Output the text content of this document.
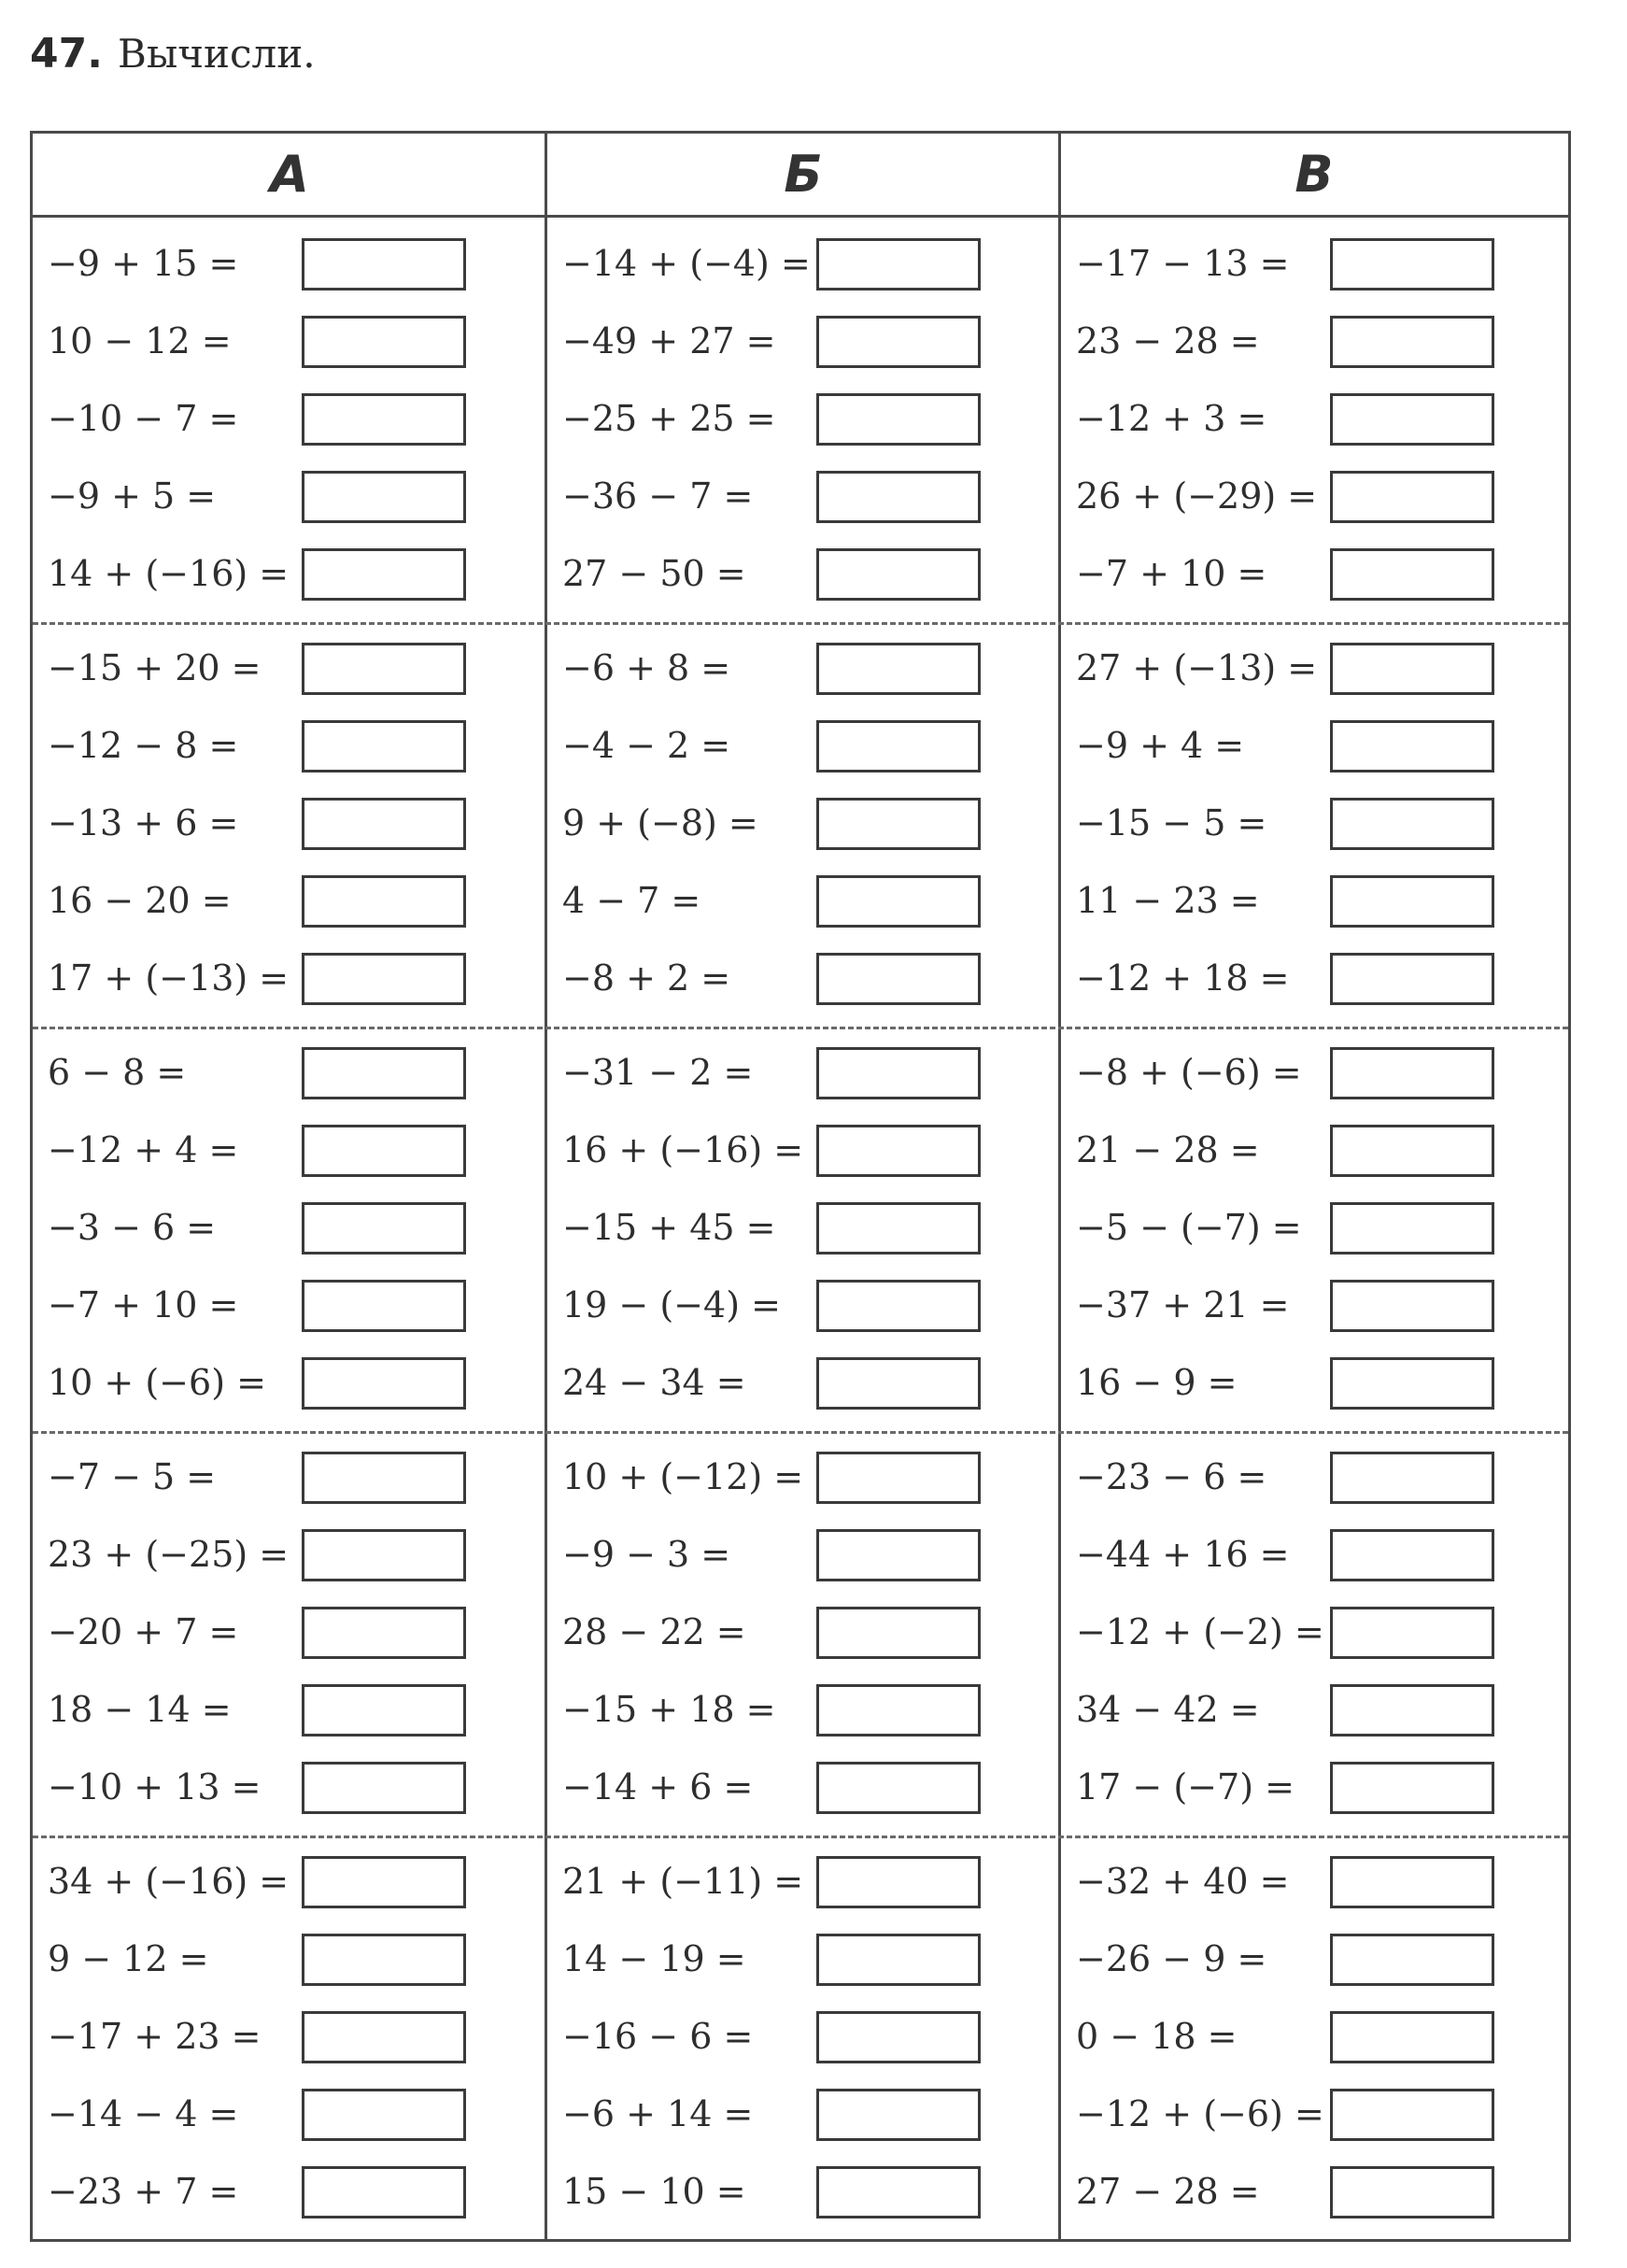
47. Вычисли.
А	Б	В
−9 + 15 =
10 − 12 =
−10 − 7 =
−9 + 5 =
14 + (−16) =
−15 + 20 =
−12 − 8 =
−13 + 6 =
16 − 20 =
17 + (−13) =
6 − 8 =
−12 + 4 =
−3 − 6 =
−7 + 10 =
10 + (−6) =
−7 − 5 =
23 + (−25) =
−20 + 7 =
18 − 14 =
−10 + 13 =
34 + (−16) =
9 − 12 =
−17 + 23 =
−14 − 4 =
−23 + 7 =
−14 + (−4) =
−49 + 27 =
−25 + 25 =
−36 − 7 =
27 − 50 =
−6 + 8 =
−4 − 2 =
9 + (−8) =
4 − 7 =
−8 + 2 =
−31 − 2 =
16 + (−16) =
−15 + 45 =
19 − (−4) =
24 − 34 =
10 + (−12) =
−9 − 3 =
28 − 22 =
−15 + 18 =
−14 + 6 =
21 + (−11) =
14 − 19 =
−16 − 6 =
−6 + 14 =
15 − 10 =
−17 − 13 =
23 − 28 =
−12 + 3 =
26 + (−29) =
−7 + 10 =
27 + (−13) =
−9 + 4 =
−15 − 5 =
11 − 23 =
−12 + 18 =
−8 + (−6) =
21 − 28 =
−5 − (−7) =
−37 + 21 =
16 − 9 =
−23 − 6 =
−44 + 16 =
−12 + (−2) =
34 − 42 =
17 − (−7) =
−32 + 40 =
−26 − 9 =
0 − 18 =
−12 + (−6) =
27 − 28 =
